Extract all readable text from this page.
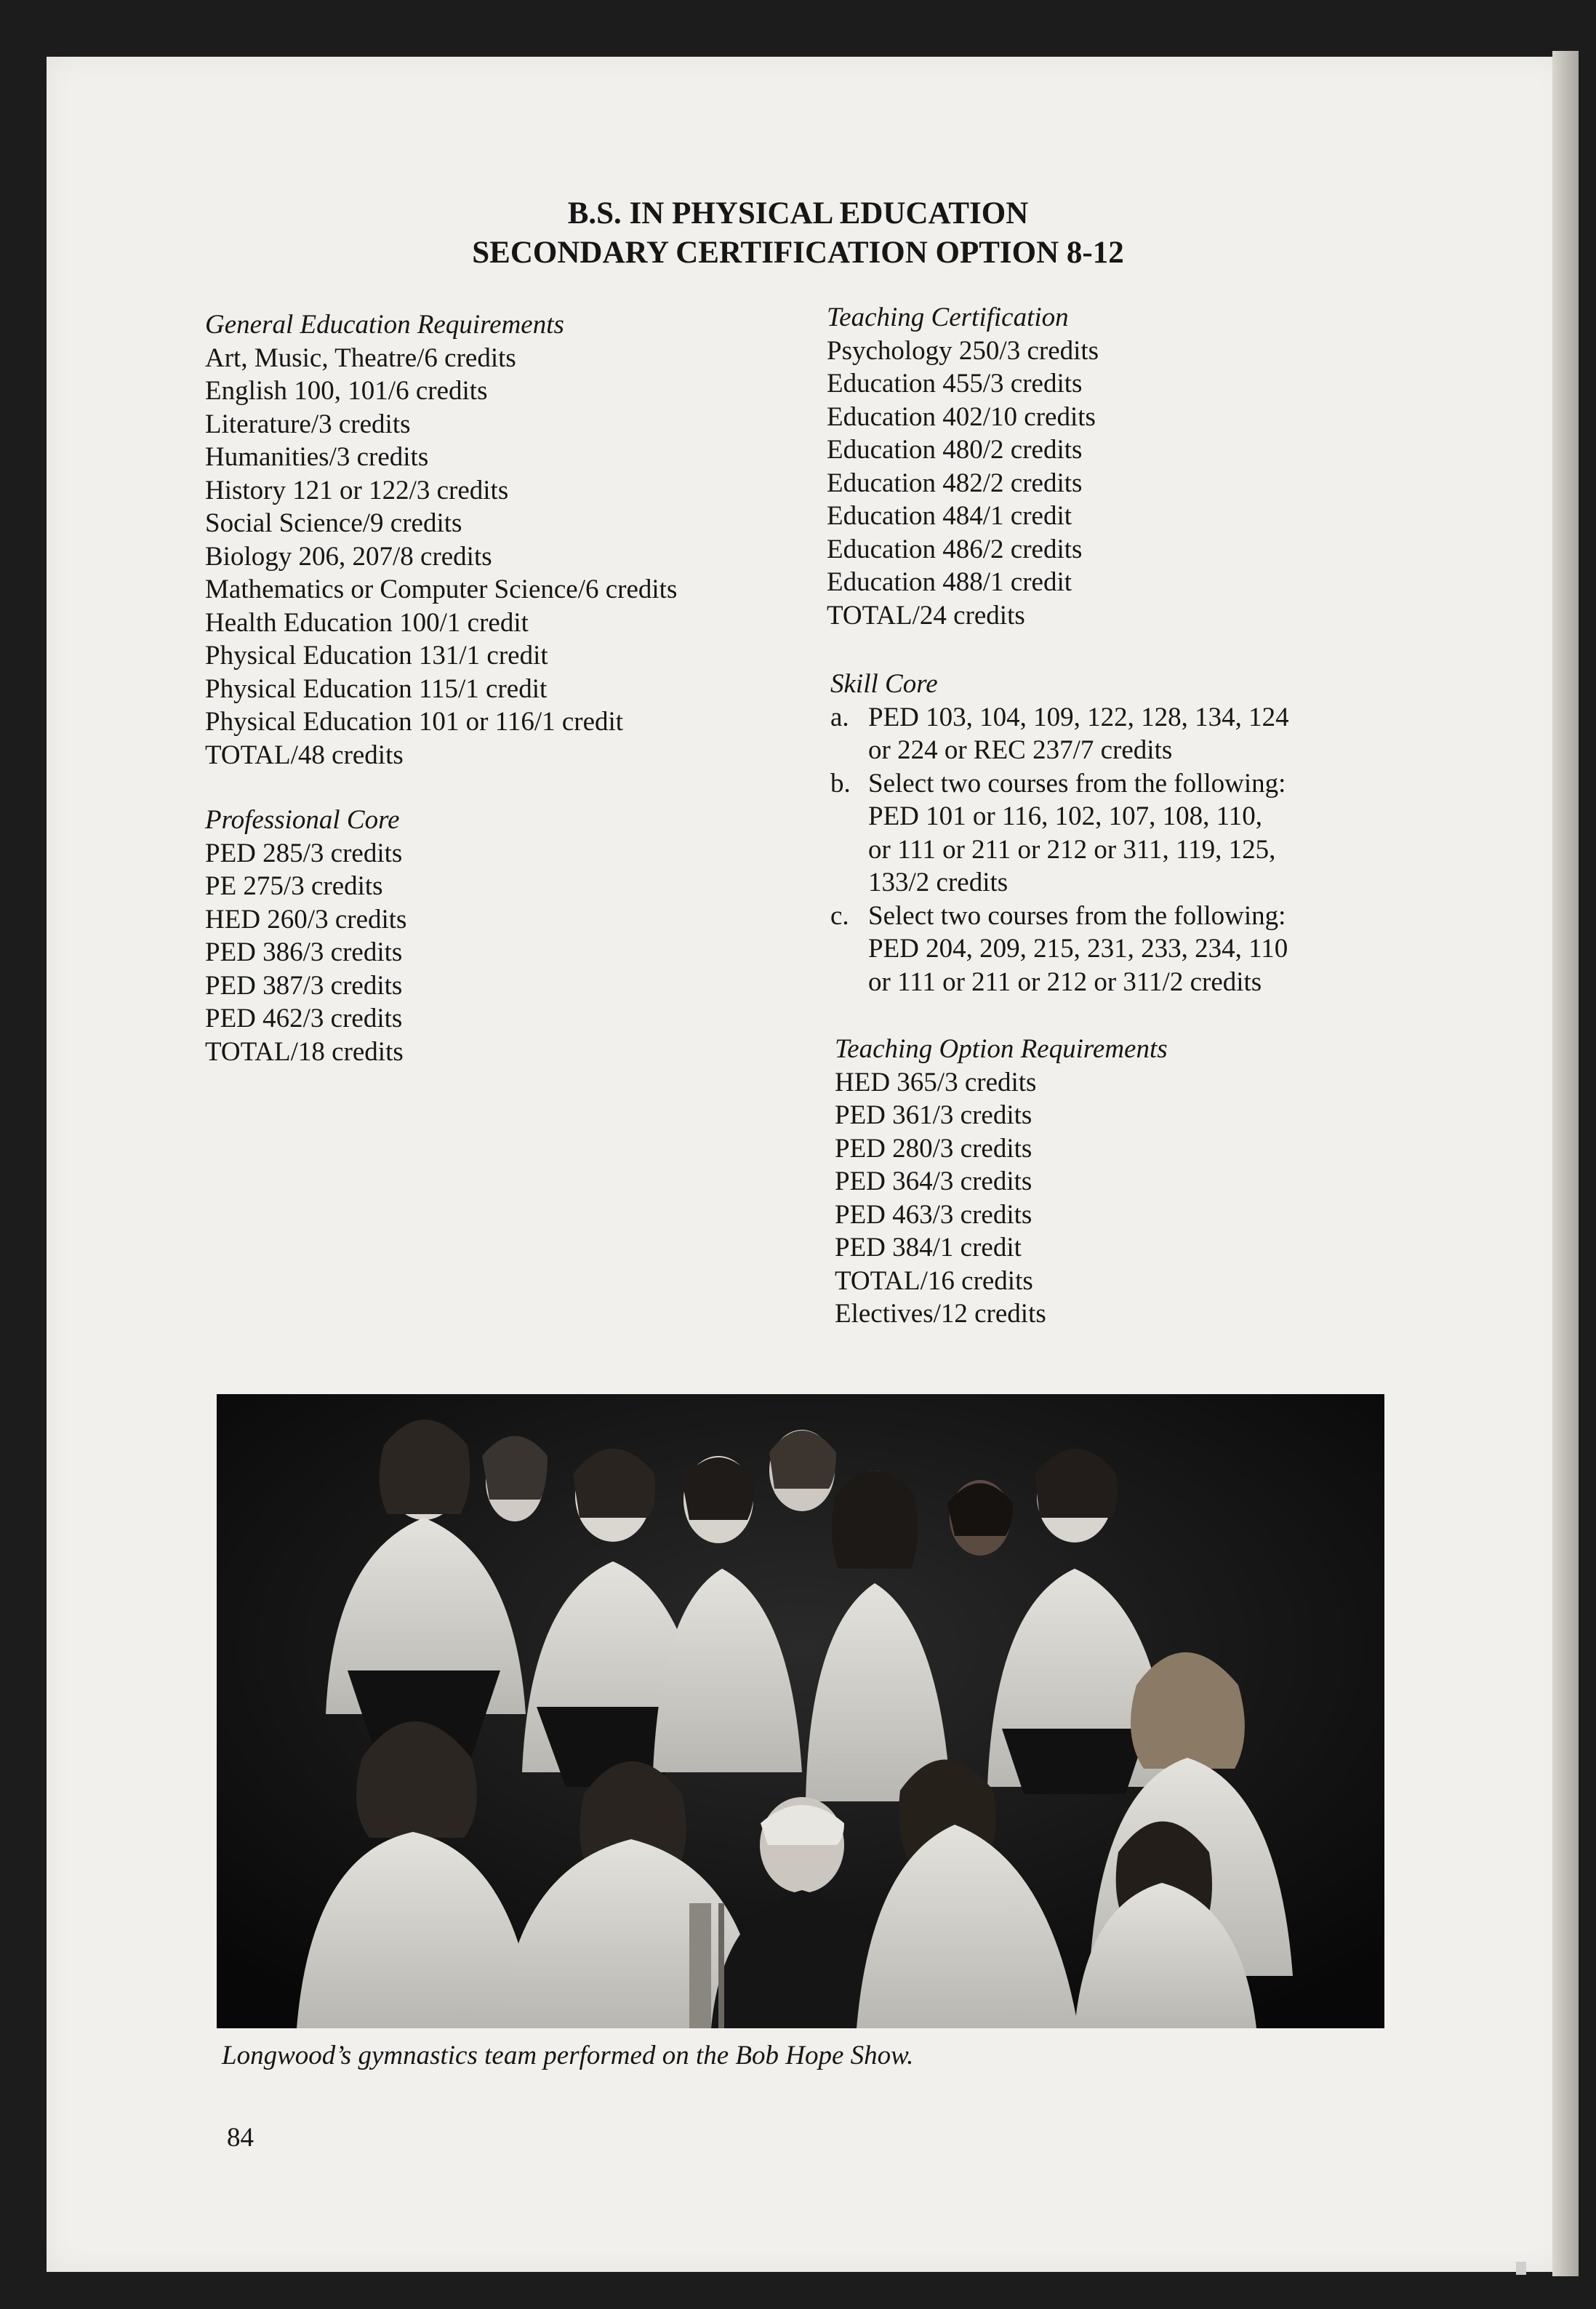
B.S. IN PHYSICAL EDUCATION
SECONDARY CERTIFICATION OPTION 8-12
General Education Requirements
Art, Music, Theatre/6 credits
English 100, 101/6 credits
Literature/3 credits
Humanities/3 credits
History 121 or 122/3 credits
Social Science/9 credits
Biology 206, 207/8 credits
Mathematics or Computer Science/6 credits
Health Education 100/1 credit
Physical Education 131/1 credit
Physical Education 115/1 credit
Physical Education 101 or 116/1 credit
TOTAL/48 credits
Professional Core
PED 285/3 credits
PE 275/3 credits
HED 260/3 credits
PED 386/3 credits
PED 387/3 credits
PED 462/3 credits
TOTAL/18 credits
Teaching Certification
Psychology 250/3 credits
Education 455/3 credits
Education 402/10 credits
Education 480/2 credits
Education 482/2 credits
Education 484/1 credit
Education 486/2 credits
Education 488/1 credit
TOTAL/24 credits
Skill Core
a. PED 103, 104, 109, 122, 128, 134, 124
or 224 or REC 237/7 credits
b. Select two courses from the following:
PED 101 or 116, 102, 107, 108, 110,
or 111 or 211 or 212 or 311, 119, 125,
133/2 credits
c. Select two courses from the following:
PED 204, 209, 215, 231, 233, 234, 110
or 111 or 211 or 212 or 311/2 credits
Teaching Option Requirements
HED 365/3 credits
PED 361/3 credits
PED 280/3 credits
PED 364/3 credits
PED 463/3 credits
PED 384/1 credit
TOTAL/16 credits
Electives/12 credits
Longwood’s gymnastics team performed on the Bob Hope Show.
84
